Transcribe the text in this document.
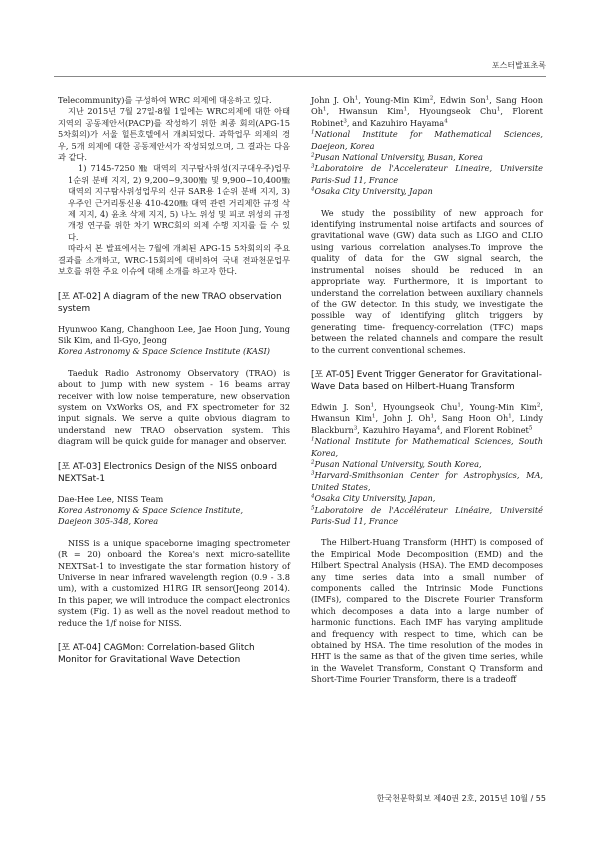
포스터발표초록

Telecommunity)를 구성하여 WRC 의제에 대응하고 있다.

지난 2015년 7월 27일-8월 1일에는 WRC의제에 대한 아태지역의 공동제안서(PACP)를 작성하기 위한 최종 회의(APG-15 5차회의)가 서울 힐튼호텔에서 개최되었다. 과학업무 의제의 경우, 5개 의제에 대한 공동제안서가 작성되었으며, 그 결과는 다음과 같다.

1) 7145-7250 ㎒ 대역의 지구탐사위성(지구대우주)업무 1순위 분배 지지, 2) 9,200~9,300㎒ 및 9,900~10,400㎒대역의 지구탐사위성업무의 신규 SAR용 1순위 분배 지지, 3) 우주인 근거리통신용 410-420㎒ 대역 관련 거리제한 규정 삭제 지지, 4) 윤초 삭제 지지, 5) 나노 위성 및 피코 위성의 규정개정 연구를 위한 차기 WRC회의 의제 수행 지지를 들 수 있다.

따라서 본 발표에서는 7월에 개최된 APG-15 5차회의의 주요 결과를 소개하고, WRC-15회의에 대비하여 국내 전파천문업무 보호를 위한 주요 이슈에 대해 소개를 하고자 한다.

[포 AT-02] A diagram of the new TRAO observation system

Hyunwoo Kang, Changhoon Lee, Jae Hoon Jung, Young Sik Kim, and Il-Gyo, Jeong

Korea Astronomy & Space Science Institute (KASI)

Taeduk Radio Astronomy Observatory (TRAO) is about to jump with new system - 16 beams array receiver with low noise temperature, new observation system on VxWorks OS, and FX spectrometer for 32 input signals. We serve a quite obvious diagram to understand new TRAO observation system. This diagram will be quick guide for manager and observer.

[포 AT-03] Electronics Design of the NISS onboard NEXTSat-1

Dae-Hee Lee, NISS Team

Korea Astronomy & Space Science Institute,

Daejeon 305-348, Korea

NISS is a unique spaceborne imaging spectrometer (R = 20) onboard the Korea's next micro-satellite NEXTSat-1 to investigate the star formation history of Universe in near infrared wavelength region (0.9 - 3.8 um), with a customized H1RG IR sensor(Jeong 2014). In this paper, we will introduce the compact electronics system (Fig. 1) as well as the novel readout method to reduce the 1/f noise for NISS.

[포 AT-04] CAGMon: Correlation-based Glitch Monitor for Gravitational Wave Detection

John J. Oh$^1$, Young-Min Kim$^2$, Edwin Son$^1$, Sang Hoon Oh$^1$, Hwansun Kim$^1$, Hyoungseok Chu$^1$, Florent Robinet$^3$, and Kazuhiro Hayama$^4$

$^1$National Institute for Mathematical Sciences, Daejeon, Korea

$^2$Pusan National University, Busan, Korea

$^3$Laboratoire de l'Accelerateur Lineaire, Universite Paris-Sud 11, France

$^4$Osaka City University, Japan

We study the possibility of new approach for identifying instrumental noise artifacts and sources of gravitational wave (GW) data such as LIGO and CLIO using various correlation analyses.To improve the quality of data for the GW signal search, the instrumental noises should be reduced in an appropriate way. Furthermore, it is important to understand the correlation between auxiliary channels of the GW detector. In this study, we investigate the possible way of identifying glitch triggers by generating time- frequency-correlation (TFC) maps between the related channels and compare the result to the current conventional schemes.

[포 AT-05] Event Trigger Generator for Gravitational-Wave Data based on Hilbert-Huang Transform

Edwin J. Son$^1$, Hyoungseok Chu$^1$, Young-Min Kim$^2$, Hwansun Kim$^1$, John J. Oh$^1$, Sang Hoon Oh$^1$, Lindy Blackburn$^3$, Kazuhiro Hayama$^4$, and Florent Robinet$^5$

$^1$National Institute for Mathematical Sciences, South Korea,

$^2$Pusan National University, South Korea,

$^3$Harvard-Smithsonian Center for Astrophysics, MA, United States,

$^4$Osaka City University, Japan,

$^5$Laboratoire de l'Accélérateur Linéaire, Université Paris-Sud 11, France

The Hilbert-Huang Transform (HHT) is composed of the Empirical Mode Decomposition (EMD) and the Hilbert Spectral Analysis (HSA). The EMD decomposes any time series data into a small number of components called the Intrinsic Mode Functions (IMFs), compared to the Discrete Fourier Transform which decomposes a data into a large number of harmonic functions. Each IMF has varying amplitude and frequency with respect to time, which can be obtained by HSA. The time resolution of the modes in HHT is the same as that of the given time series, while in the Wavelet Transform, Constant Q Transform and Short-Time Fourier Transform, there is a tradeoff

한국천문학회보 제40권 2호, 2015년 10월 / 55
